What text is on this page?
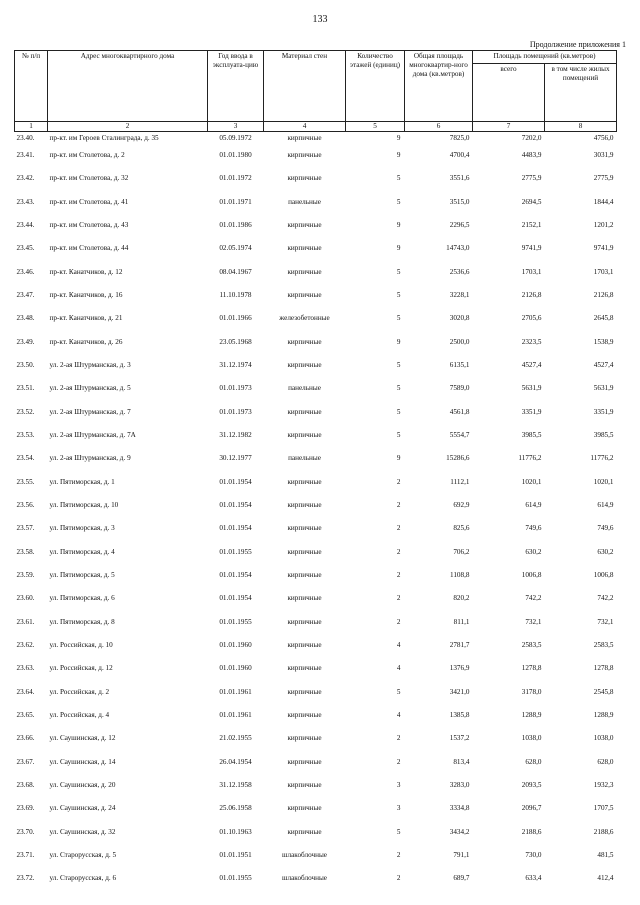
133
Продолжение приложения 1
№ п/п	Адрес многоквартирного дома	Год ввода в эксплуата-цию	Материал стен	Количество этажей (единиц)	Общая площадь многоквартир-ного дома (кв.метров)	Площадь помещений (кв.метров)	
						всего	в том числе жилых помещений
1	2	3	4	5	6	7	8
23.40.	пр-кт. им Героев Сталинграда, д. 35	05.09.1972	кирпичные	9	7825,0	7202,0	4756,0
23.41.	пр-кт. им Столетова, д. 2	01.01.1980	кирпичные	9	4700,4	4483,9	3031,9
23.42.	пр-кт. им Столетова, д. 32	01.01.1972	кирпичные	5	3551,6	2775,9	2775,9
23.43.	пр-кт. им Столетова, д. 41	01.01.1971	панельные	5	3515,0	2694,5	1844,4
23.44.	пр-кт. им Столетова, д. 43	01.01.1986	кирпичные	9	2296,5	2152,1	1201,2
23.45.	пр-кт. им Столетова, д. 44	02.05.1974	кирпичные	9	14743,0	9741,9	9741,9
23.46.	пр-кт. Канатчиков, д. 12	08.04.1967	кирпичные	5	2536,6	1703,1	1703,1
23.47.	пр-кт. Канатчиков, д. 16	11.10.1978	кирпичные	5	3228,1	2126,8	2126,8
23.48.	пр-кт. Канатчиков, д. 21	01.01.1966	железобетонные	5	3020,8	2705,6	2645,8
23.49.	пр-кт. Канатчиков, д. 26	23.05.1968	кирпичные	9	2500,0	2323,5	1538,9
23.50.	ул. 2-ая Штурманская, д. 3	31.12.1974	кирпичные	5	6135,1	4527,4	4527,4
23.51.	ул. 2-ая Штурманская, д. 5	01.01.1973	панельные	5	7589,0	5631,9	5631,9
23.52.	ул. 2-ая Штурманская, д. 7	01.01.1973	кирпичные	5	4561,8	3351,9	3351,9
23.53.	ул. 2-ая Штурманская, д. 7А	31.12.1982	кирпичные	5	5554,7	3985,5	3985,5
23.54.	ул. 2-ая Штурманская, д. 9	30.12.1977	панельные	9	15286,6	11776,2	11776,2
23.55.	ул. Пятиморская, д. 1	01.01.1954	кирпичные	2	1112,1	1020,1	1020,1
23.56.	ул. Пятиморская, д. 10	01.01.1954	кирпичные	2	692,9	614,9	614,9
23.57.	ул. Пятиморская, д. 3	01.01.1954	кирпичные	2	825,6	749,6	749,6
23.58.	ул. Пятиморская, д. 4	01.01.1955	кирпичные	2	706,2	630,2	630,2
23.59.	ул. Пятиморская, д. 5	01.01.1954	кирпичные	2	1108,8	1006,8	1006,8
23.60.	ул. Пятиморская, д. 6	01.01.1954	кирпичные	2	820,2	742,2	742,2
23.61.	ул. Пятиморская, д. 8	01.01.1955	кирпичные	2	811,1	732,1	732,1
23.62.	ул. Российская, д. 10	01.01.1960	кирпичные	4	2781,7	2583,5	2583,5
23.63.	ул. Российская, д. 12	01.01.1960	кирпичные	4	1376,9	1278,8	1278,8
23.64.	ул. Российская, д. 2	01.01.1961	кирпичные	5	3421,0	3178,0	2545,8
23.65.	ул. Российская, д. 4	01.01.1961	кирпичные	4	1385,8	1288,9	1288,9
23.66.	ул. Саушинская, д. 12	21.02.1955	кирпичные	2	1537,2	1038,0	1038,0
23.67.	ул. Саушинская, д. 14	26.04.1954	кирпичные	2	813,4	628,0	628,0
23.68.	ул. Саушинская, д. 20	31.12.1958	кирпичные	3	3283,0	2093,5	1932,3
23.69.	ул. Саушинская, д. 24	25.06.1958	кирпичные	3	3334,8	2096,7	1707,5
23.70.	ул. Саушинская, д. 32	01.10.1963	кирпичные	5	3434,2	2188,6	2188,6
23.71.	ул. Старорусская, д. 5	01.01.1951	шлакоблочные	2	791,1	730,0	481,5
23.72.	ул. Старорусская, д. 6	01.01.1955	шлакоблочные	2	689,7	633,4	412,4
